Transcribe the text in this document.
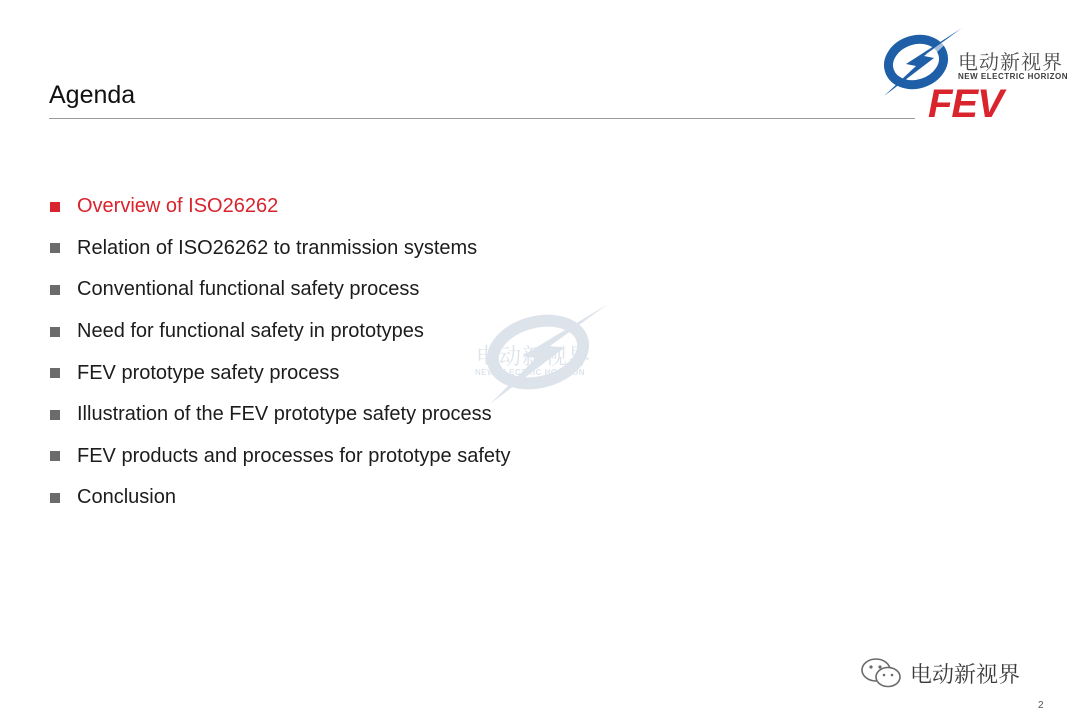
Agenda
电动新视界
NEW ELECTRIC HORIZON
FEV
电动新视界
NEW ELECTRIC HORIZON
Overview of ISO26262
Relation of ISO26262 to tranmission systems
Conventional functional safety process
Need for functional safety in prototypes
FEV prototype safety process
Illustration of the FEV prototype safety process
FEV products and processes for prototype safety
Conclusion
电动新视界
2
